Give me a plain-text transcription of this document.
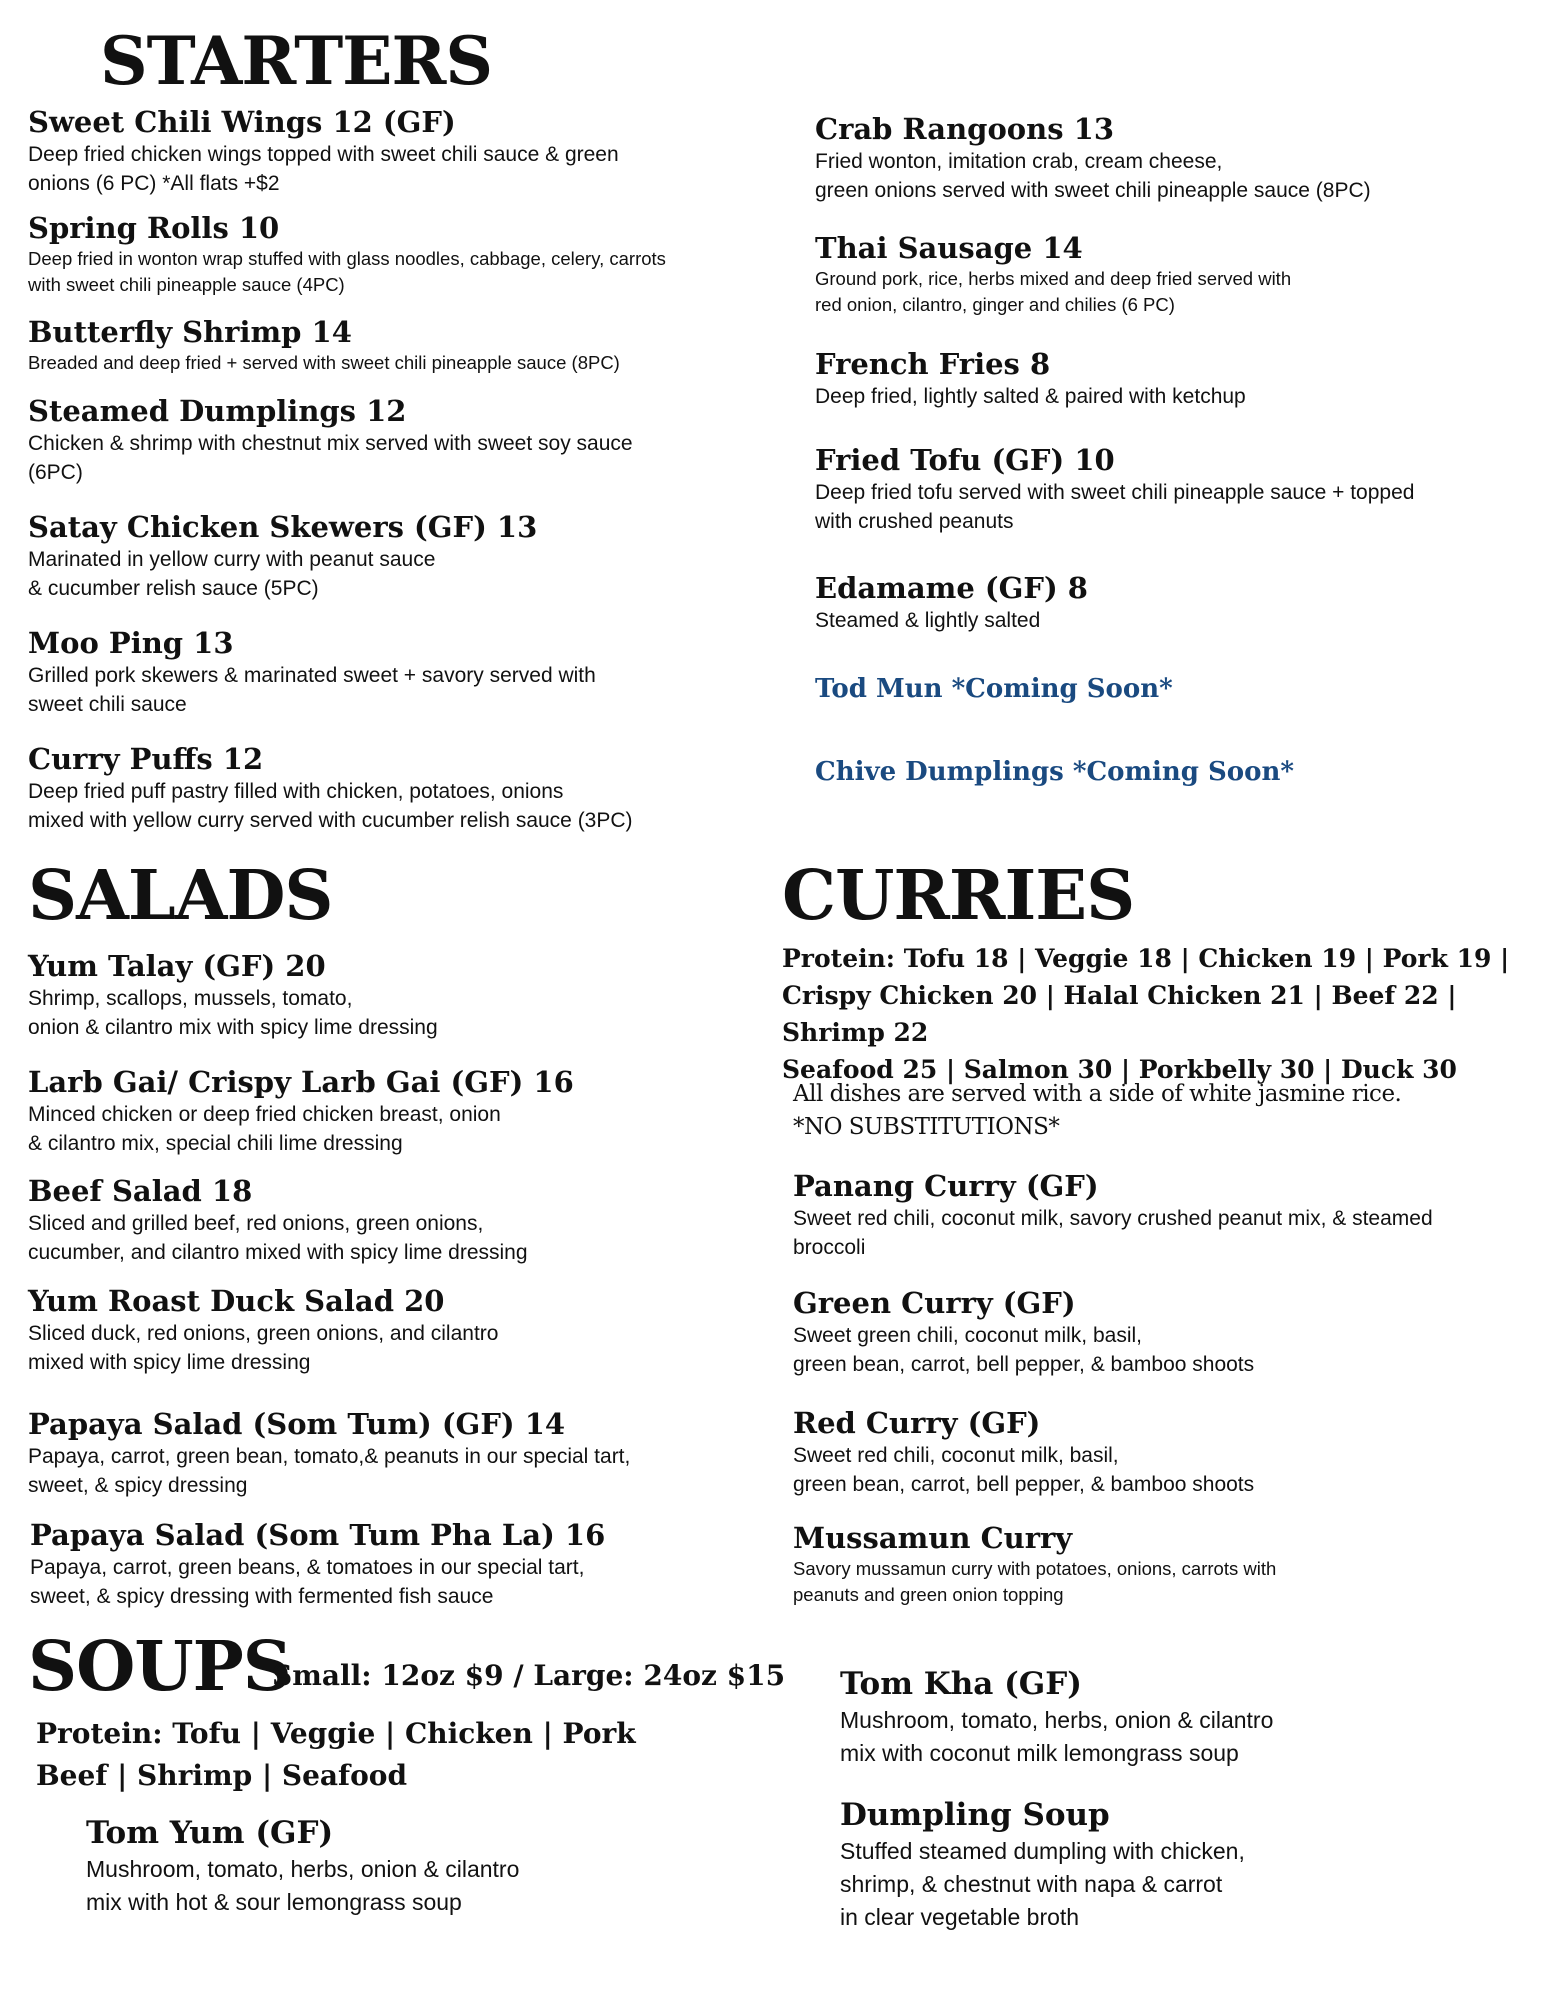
STARTERS
Sweet Chili Wings 12 (GF)
Deep fried chicken wings topped with sweet chili sauce & green
onions (6 PC) *All flats +$2
Spring Rolls 10
Deep fried in wonton wrap stuffed with glass noodles, cabbage, celery, carrots
with sweet chili pineapple sauce (4PC)
Butterfly Shrimp 14
Breaded and deep fried + served with sweet chili pineapple sauce (8PC)
Steamed Dumplings 12
Chicken & shrimp with chestnut mix served with sweet soy sauce
(6PC)
Satay Chicken Skewers (GF) 13
Marinated in yellow curry with peanut sauce
& cucumber relish sauce (5PC)
Moo Ping 13
Grilled pork skewers & marinated sweet + savory served with
sweet chili sauce
Curry Puffs 12
Deep fried puff pastry filled with chicken, potatoes, onions
mixed with yellow curry served with cucumber relish sauce (3PC)
Crab Rangoons 13
Fried wonton, imitation crab, cream cheese,
green onions served with sweet chili pineapple sauce (8PC)
Thai Sausage 14
Ground pork, rice, herbs mixed and deep fried served with
red onion, cilantro, ginger and chilies (6 PC)
French Fries 8
Deep fried, lightly salted & paired with ketchup
Fried Tofu (GF) 10
Deep fried tofu served with sweet chili pineapple sauce + topped
with crushed peanuts
Edamame (GF) 8
Steamed & lightly salted
Tod Mun *Coming Soon*
Chive Dumplings *Coming Soon*
SALADS
Yum Talay (GF) 20
Shrimp, scallops, mussels, tomato,
onion & cilantro mix with spicy lime dressing
Larb Gai/ Crispy Larb Gai (GF) 16
Minced chicken or deep fried chicken breast, onion
& cilantro mix, special chili lime dressing
Beef Salad 18
Sliced and grilled beef, red onions, green onions,
cucumber, and cilantro mixed with spicy lime dressing
Yum Roast Duck Salad 20
Sliced duck, red onions, green onions, and cilantro
mixed with spicy lime dressing
Papaya Salad (Som Tum) (GF) 14
Papaya, carrot, green bean, tomato,& peanuts in our special tart,
sweet, & spicy dressing
Papaya Salad (Som Tum Pha La) 16
Papaya, carrot, green beans, & tomatoes in our special tart,
sweet, & spicy dressing with fermented fish sauce
CURRIES
Protein: Tofu 18 | Veggie 18 | Chicken 19 | Pork 19 |
Crispy Chicken 20 | Halal Chicken 21 | Beef 22 | Shrimp 22
Seafood 25 | Salmon 30 | Porkbelly 30 | Duck 30
All dishes are served with a side of white jasmine rice.
*NO SUBSTITUTIONS*
Panang Curry (GF)
Sweet red chili, coconut milk, savory crushed peanut mix, & steamed
broccoli
Green Curry (GF)
Sweet green chili, coconut milk, basil,
green bean, carrot, bell pepper, & bamboo shoots
Red Curry (GF)
Sweet red chili, coconut milk, basil,
green bean, carrot, bell pepper, & bamboo shoots
Mussamun Curry
Savory mussamun curry with potatoes, onions, carrots with
peanuts and green onion topping
SOUPS
Small: 12oz $9 / Large: 24oz $15
Protein: Tofu | Veggie | Chicken | Pork
Beef | Shrimp | Seafood
Tom Yum (GF)
Mushroom, tomato, herbs, onion & cilantro
mix with hot & sour lemongrass soup
Tom Kha (GF)
Mushroom, tomato, herbs, onion & cilantro
mix with coconut milk lemongrass soup
Dumpling Soup
Stuffed steamed dumpling with chicken,
shrimp, & chestnut with napa & carrot
in clear vegetable broth
